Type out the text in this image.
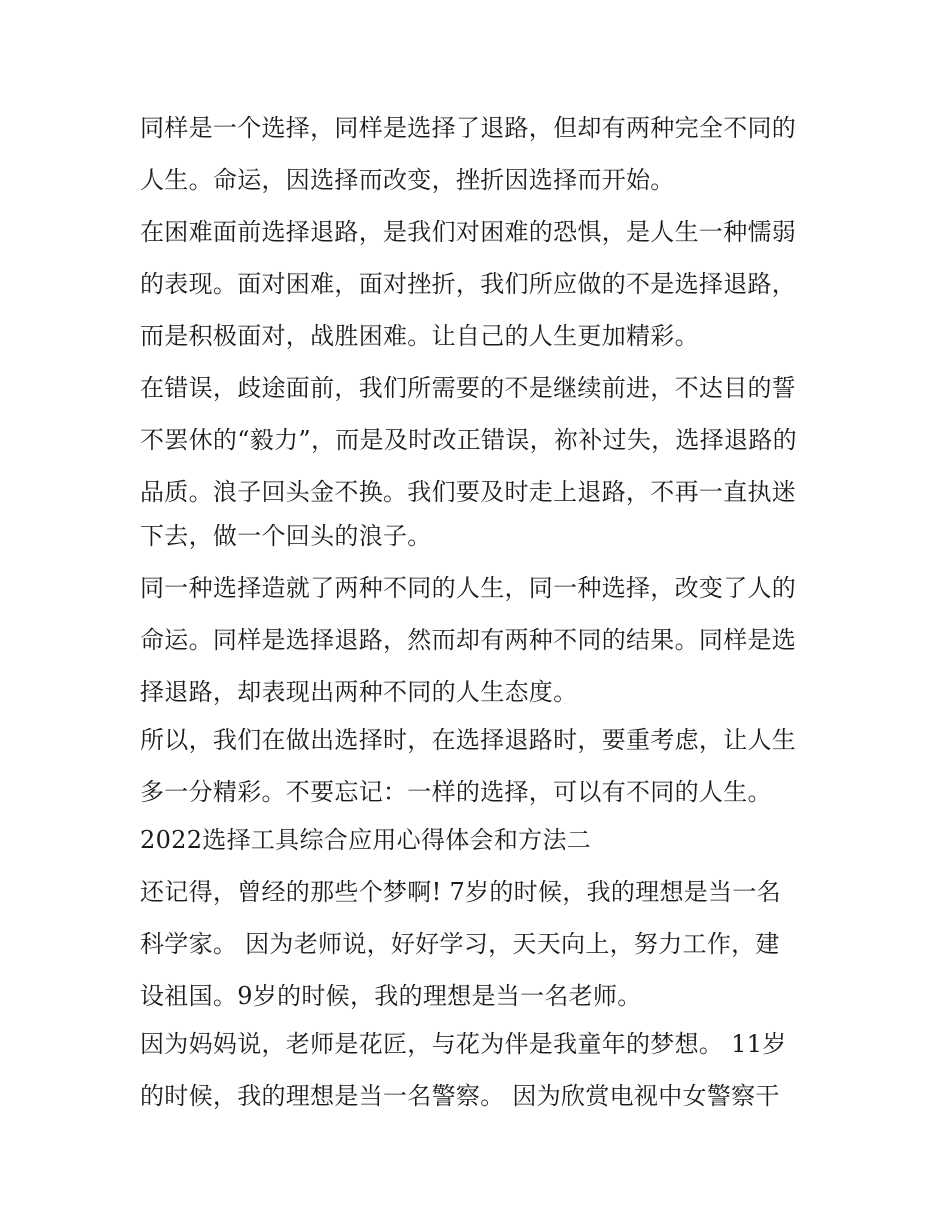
同样是一个选择，同样是选择了退路，但却有两种完全不同的
人生。命运，因选择而改变，挫折因选择而开始。
在困难面前选择退路，是我们对困难的恐惧，是人生一种懦弱
的表现。面对困难，面对挫折，我们所应做的不是选择退路，
而是积极面对，战胜困难。让自己的人生更加精彩。
在错误，歧途面前，我们所需要的不是继续前进，不达目的誓
不罢休的“毅力”，而是及时改正错误，祢补过失，选择退路的
品质。浪子回头金不换。我们要及时走上退路，不再一直执迷
下去，做一个回头的浪子。
同一种选择造就了两种不同的人生，同一种选择，改变了人的
命运。同样是选择退路，然而却有两种不同的结果。同样是选
择退路，却表现出两种不同的人生态度。
所以，我们在做出选择时，在选择退路时，要重考虑，让人生
多一分精彩。不要忘记：一样的选择，可以有不同的人生。
2022选择工具综合应用心得体会和方法二
还记得，曾经的那些个梦啊! 7岁的时候，我的理想是当一名
科学家。 因为老师说，好好学习，天天向上，努力工作，建
设祖国。9岁的时候，我的理想是当一名老师。
因为妈妈说，老师是花匠，与花为伴是我童年的梦想。 11岁
的时候，我的理想是当一名警察。 因为欣赏电视中女警察干
